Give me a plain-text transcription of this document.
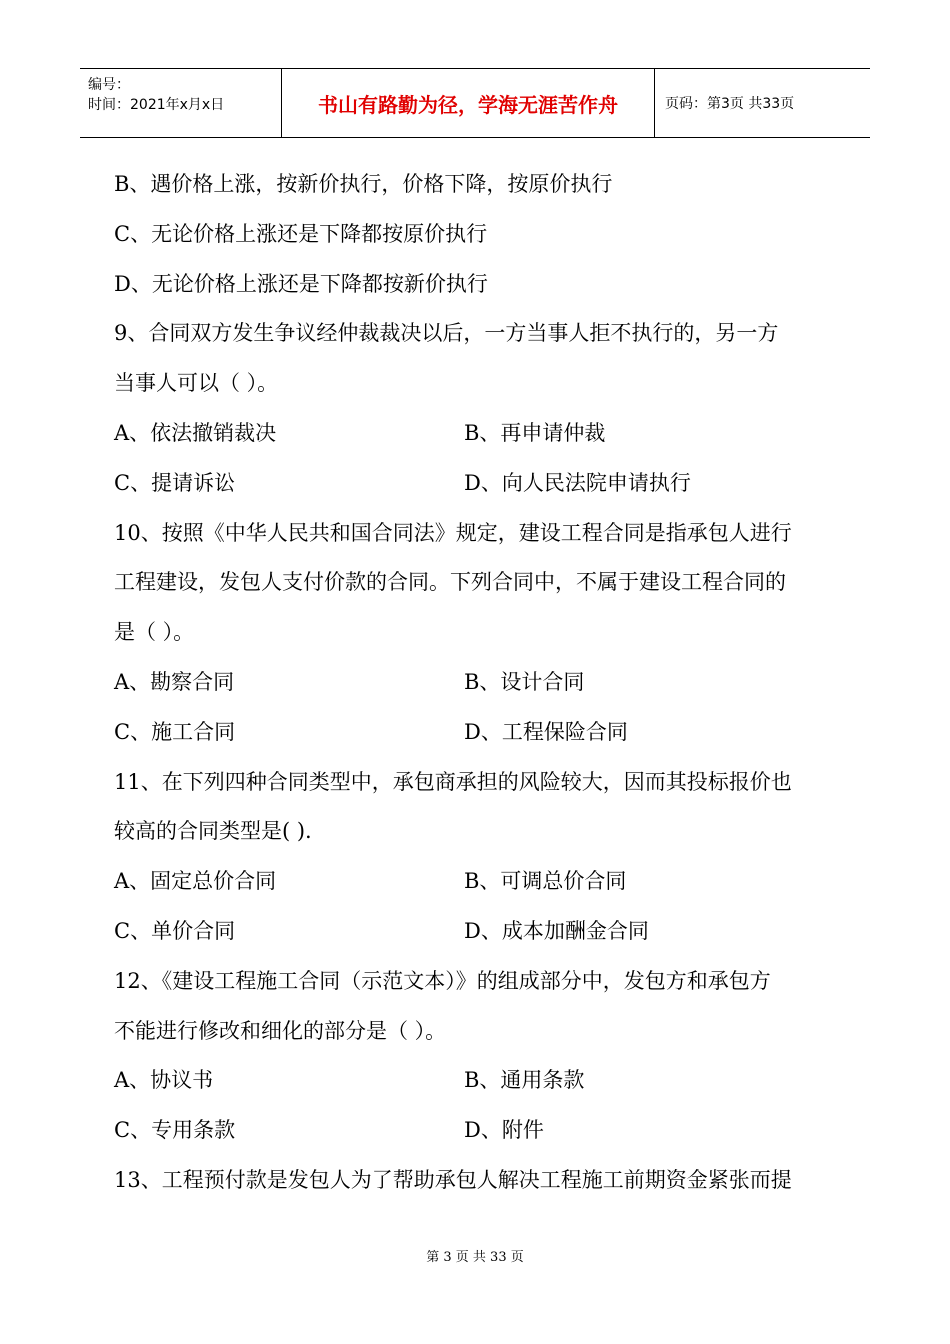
编号：
时间：2021年x月x日	书山有路勤为径，学海无涯苦作舟	页码：第3页 共33页
B、遇价格上涨，按新价执行，价格下降，按原价执行
C、无论价格上涨还是下降都按原价执行
D、无论价格上涨还是下降都按新价执行
9、合同双方发生争议经仲裁裁决以后，一方当事人拒不执行的，另一方
当事人可以（ ）。
A、依法撤销裁决	B、再申请仲裁
C、提请诉讼	D、向人民法院申请执行
10、按照《中华人民共和国合同法》规定，建设工程合同是指承包人进行
工程建设，发包人支付价款的合同。下列合同中，不属于建设工程合同的
是（ ）。
A、勘察合同	B、设计合同
C、施工合同	D、工程保险合同
11、在下列四种合同类型中，承包商承担的风险较大，因而其投标报价也
较高的合同类型是( ).
A、固定总价合同	B、可调总价合同
C、单价合同	D、成本加酬金合同
12、《建设工程施工合同（示范文本）》的组成部分中，发包方和承包方
不能进行修改和细化的部分是（ ）。
A、协议书	B、通用条款
C、专用条款	D、附件
13、工程预付款是发包人为了帮助承包人解决工程施工前期资金紧张而提
第 3 页 共 33 页
